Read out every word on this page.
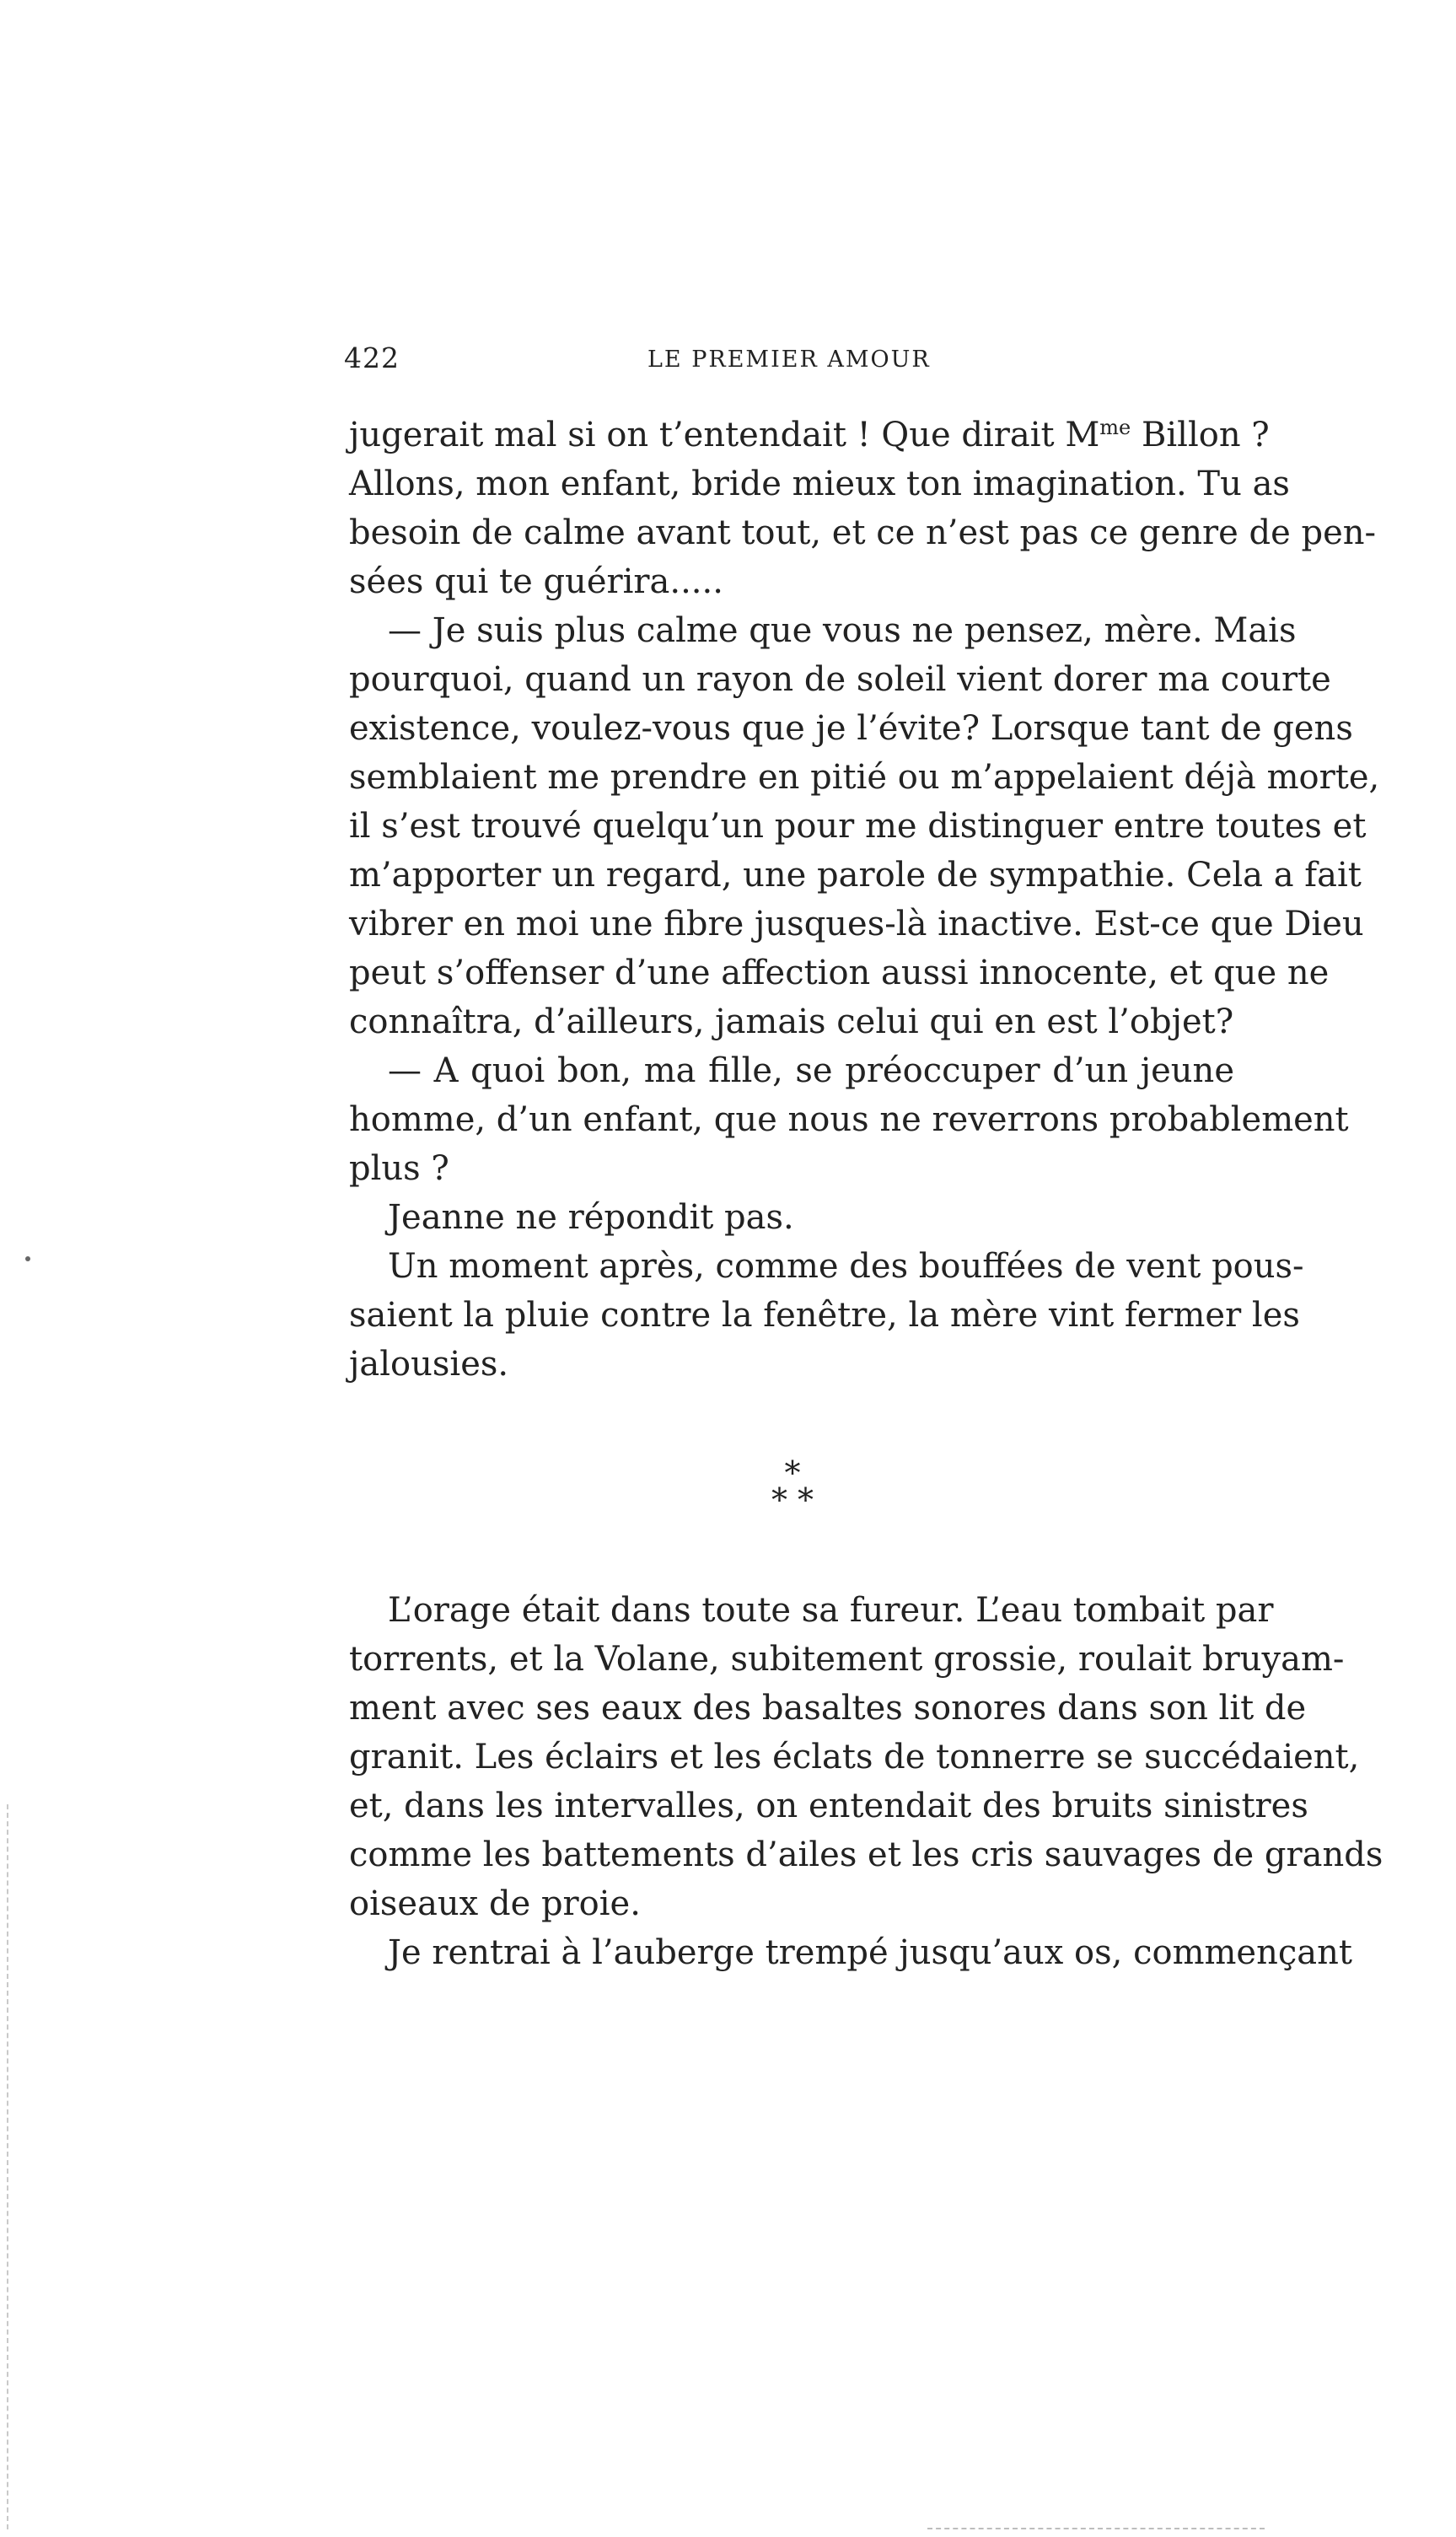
422	LE PREMIER AMOUR
jugerait mal si on t’entendait ! Que dirait $M^{me}$ Billon ?
Allons, mon enfant, bride mieux ton imagination. Tu as
besoin de calme avant tout, et ce n’est pas ce genre de pen-
sées qui te guérira.....
— Je suis plus calme que vous ne pensez, mère. Mais
pourquoi, quand un rayon de soleil vient dorer ma courte
existence, voulez-vous que je l’évite? Lorsque tant de gens
semblaient me prendre en pitié ou m’appelaient déjà morte,
il s’est trouvé quelqu’un pour me distinguer entre toutes et
m’apporter un regard, une parole de sympathie. Cela a fait
vibrer en moi une fibre jusques-là inactive. Est-ce que Dieu
peut s’offenser d’une affection aussi innocente, et que ne
connaîtra, d’ailleurs, jamais celui qui en est l’objet?
— A quoi bon, ma fille, se préoccuper d’un jeune
homme, d’un enfant, que nous ne reverrons probablement
plus ?
Jeanne ne répondit pas.
Un moment après, comme des bouffées de vent pous-
saient la pluie contre la fenêtre, la mère vint fermer les
jalousies.
*
* *
L’orage était dans toute sa fureur. L’eau tombait par
torrents, et la Volane, subitement grossie, roulait bruyam-
ment avec ses eaux des basaltes sonores dans son lit de
granit. Les éclairs et les éclats de tonnerre se succédaient,
et, dans les intervalles, on entendait des bruits sinistres
comme les battements d’ailes et les cris sauvages de grands
oiseaux de proie.
Je rentrai à l’auberge trempé jusqu’aux os, commençant
